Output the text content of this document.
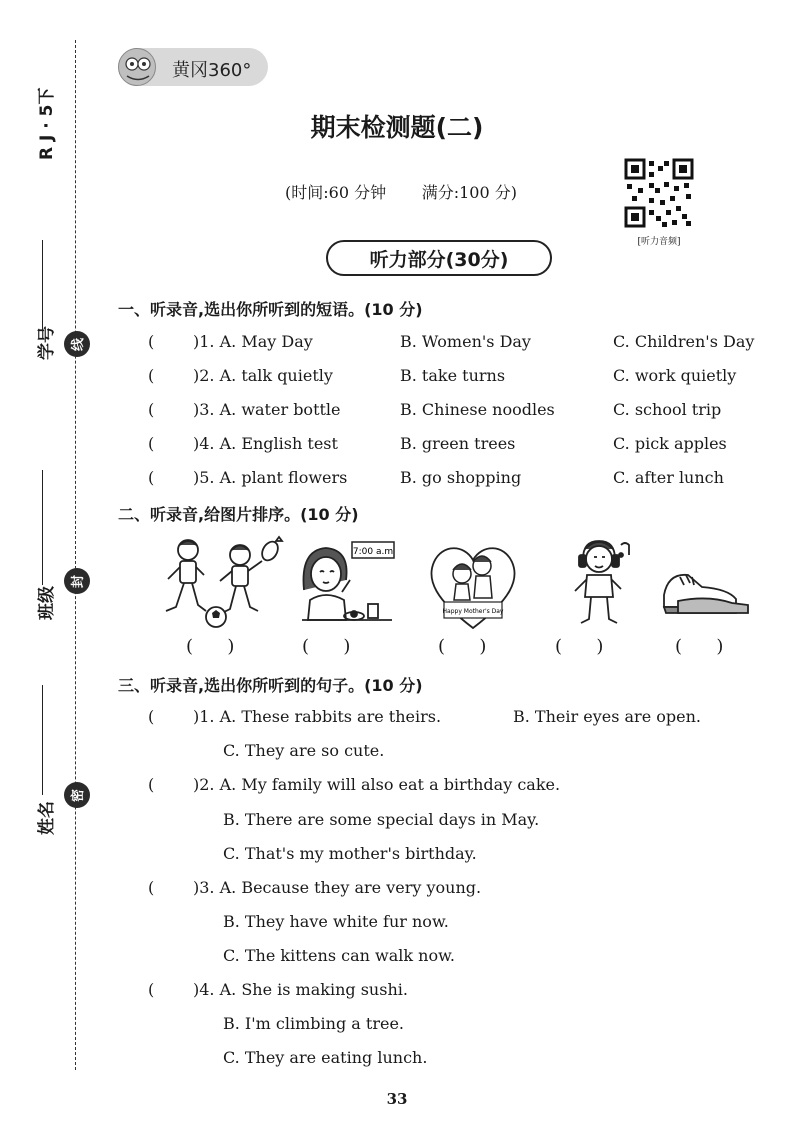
R J · 5下
学号
班级
姓名
线
封
密
黄冈360°
期末检测题(二)
(时间:60 分钟 满分:100 分)
[听力音频]
听力部分(30分)
一、听录音,选出你所听到的短语。(10 分)
( )1. A. May Day	B. Women's Day	C. Children's Day
( )2. A. talk quietly	B. take turns	C. work quietly
( )3. A. water bottle	B. Chinese noodles	C. school trip
( )4. A. English test	B. green trees	C. pick apples
( )5. A. plant flowers	B. go shopping	C. after lunch
二、听录音,给图片排序。(10 分)
7:00 a.m
Happy Mother's Day
(      )	(      )	(      )	(      )	(      )
三、听录音,选出你所听到的句子。(10 分)
( )1. A. These rabbits are theirs.	B. Their eyes are open.
C. They are so cute.
( )2. A. My family will also eat a birthday cake.
B. There are some special days in May.
C. That's my mother's birthday.
( )3. A. Because they are very young.
B. They have white fur now.
C. The kittens can walk now.
( )4. A. She is making sushi.
B. I'm climbing a tree.
C. They are eating lunch.
33
